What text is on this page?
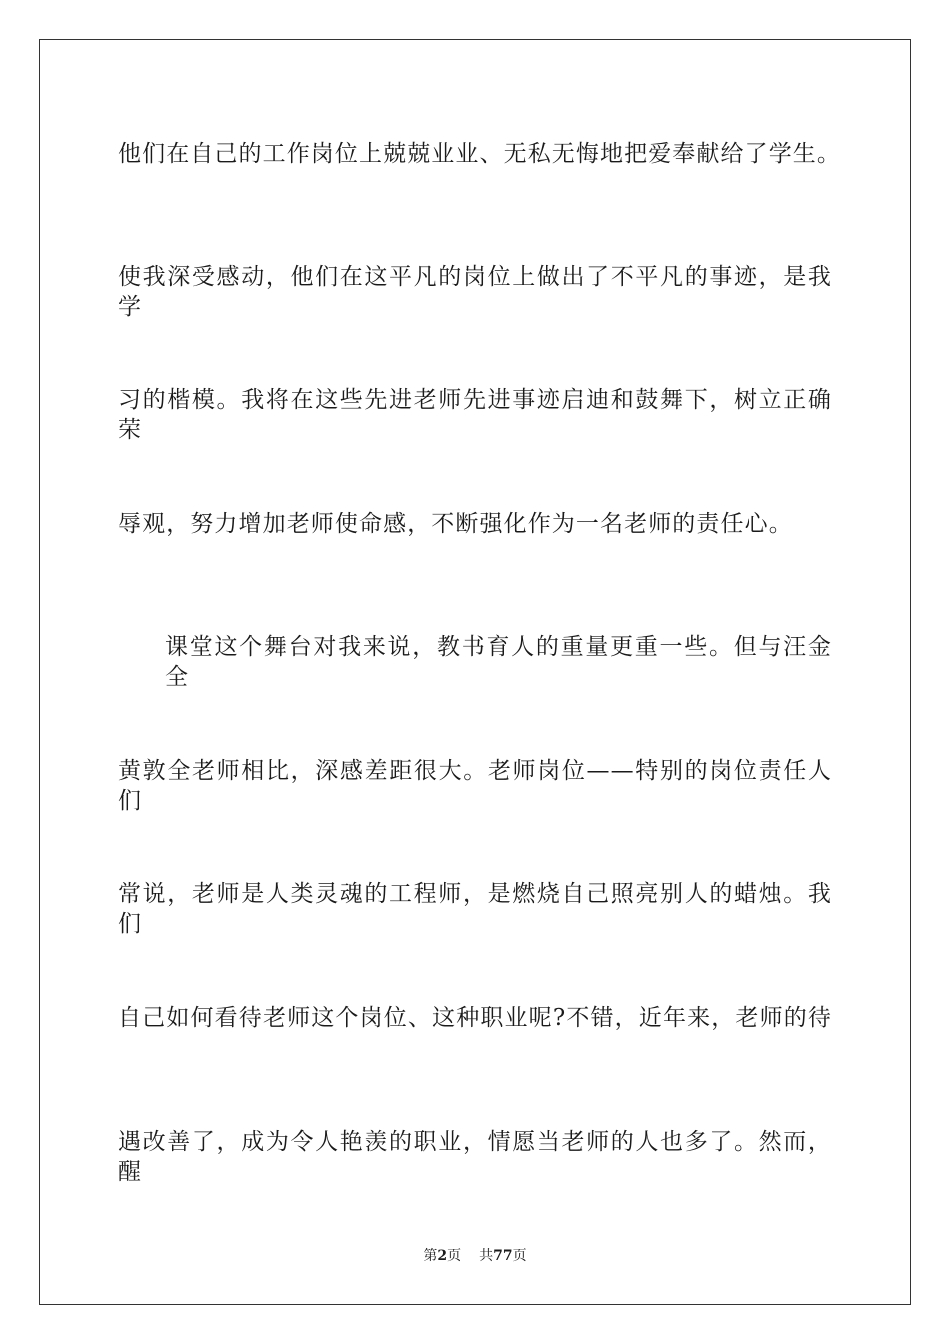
他们在自己的工作岗位上兢兢业业、无私无悔地把爱奉献给了学生。
使我深受感动，他们在这平凡的岗位上做出了不平凡的事迹，是我学
习的楷模。我将在这些先进老师先进事迹启迪和鼓舞下，树立正确荣
辱观，努力增加老师使命感，不断强化作为一名老师的责任心。
课堂这个舞台对我来说，教书育人的重量更重一些。但与汪金全
黄敦全老师相比，深感差距很大。老师岗位——特别的岗位责任人们
常说，老师是人类灵魂的工程师，是燃烧自己照亮别人的蜡烛。我们
自己如何看待老师这个岗位、这种职业呢?不错，近年来，老师的待
遇改善了，成为令人艳羡的职业，情愿当老师的人也多了。然而，醒
第2页 共77页
